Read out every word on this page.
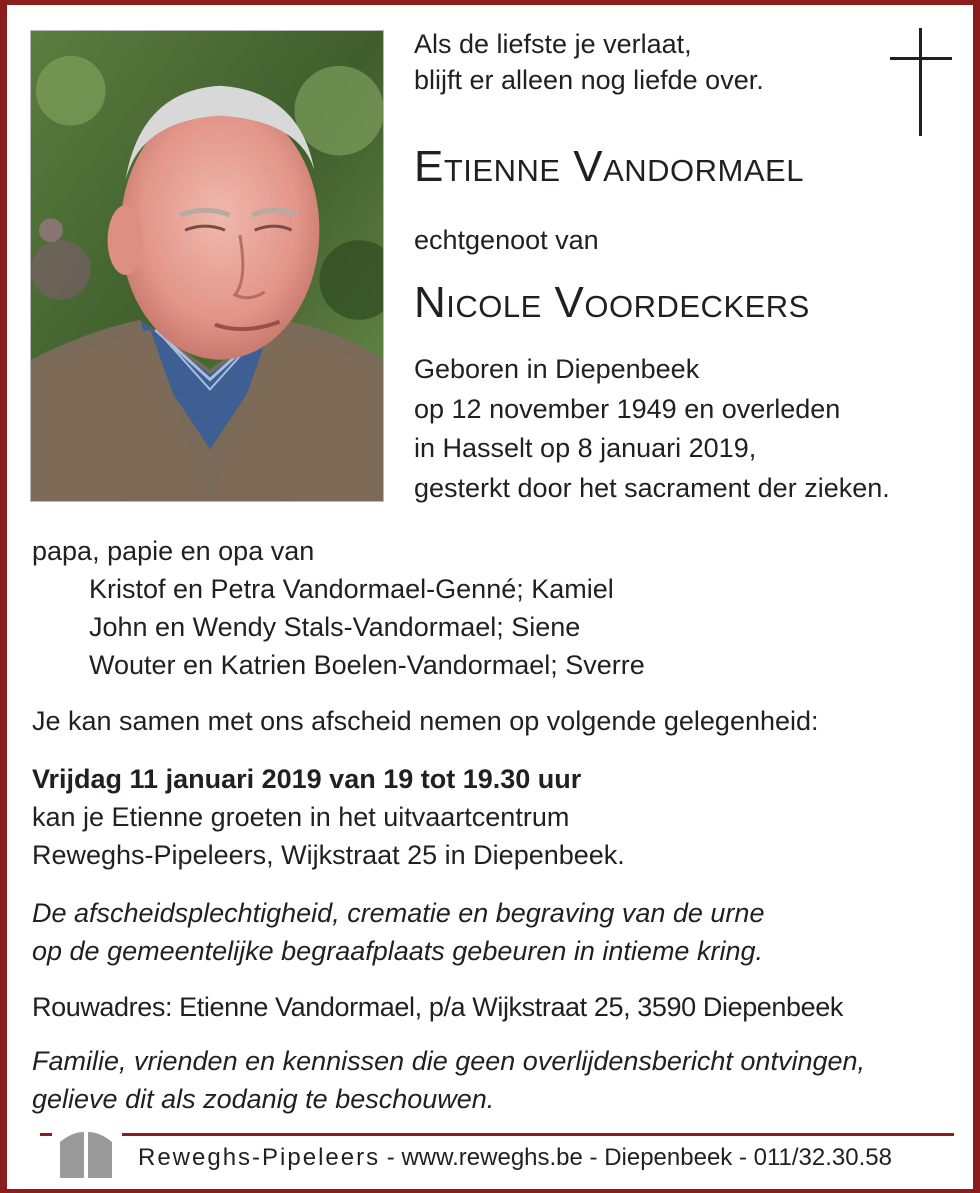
Als de liefste je verlaat,
blijft er alleen nog liefde over.
Etienne Vandormael
echtgenoot van
Nicole Voordeckers
Geboren in Diepenbeek
op 12 november 1949 en overleden
in Hasselt op 8 januari 2019,
gesterkt door het sacrament der zieken.
papa, papie en opa van
Kristof en Petra Vandormael-Genné; Kamiel
John en Wendy Stals-Vandormael; Siene
Wouter en Katrien Boelen-Vandormael; Sverre
Je kan samen met ons afscheid nemen op volgende gelegenheid:
Vrijdag 11 januari 2019 van 19 tot 19.30 uur
kan je Etienne groeten in het uitvaartcentrum
Reweghs-Pipeleers, Wijkstraat 25 in Diepenbeek.
De afscheidsplechtigheid, crematie en begraving van de urne
op de gemeentelijke begraafplaats gebeuren in intieme kring.
Rouwadres: Etienne Vandormael, p/a Wijkstraat 25, 3590 Diepenbeek
Familie, vrienden en kennissen die geen overlijdensbericht ontvingen,
gelieve dit als zodanig te beschouwen.
Reweghs-Pipeleers - www.reweghs.be - Diepenbeek - 011/32.30.58
